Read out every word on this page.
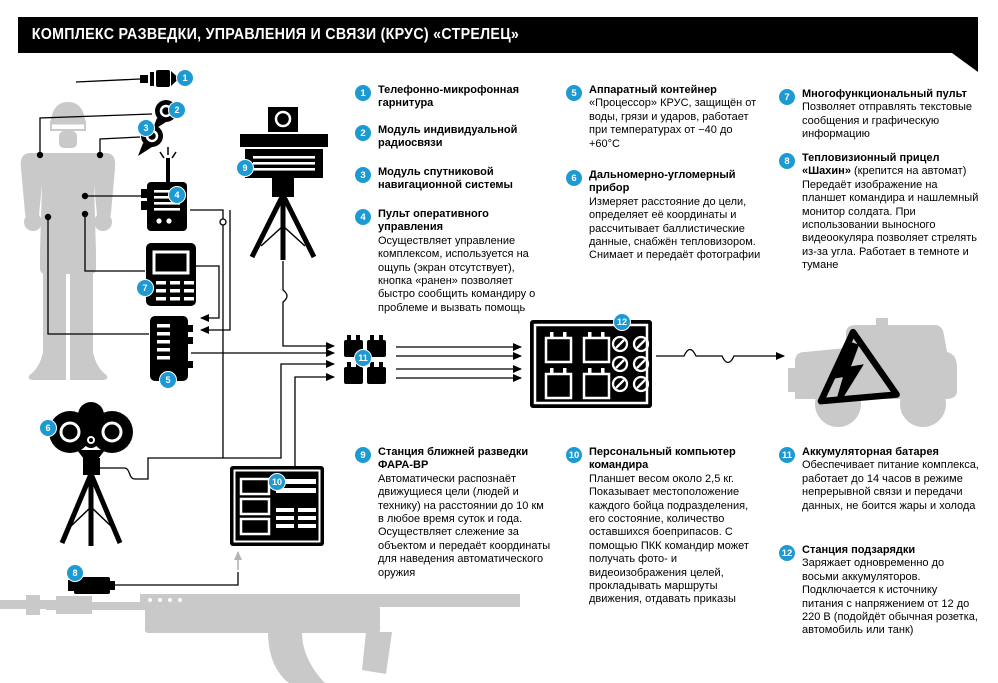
КОМПЛЕКС РАЗВЕДКИ, УПРАВЛЕНИЯ И СВЯЗИ (КРУС) «СТРЕЛЕЦ»
1
2
3
4
5
6
7
8
9
10
11
12
1	Телефонно-микрофонная гарнитура
2	Модуль индивидуальной радиосвязи
3	Модуль спутниковой навигационной системы
4	Пульт оперативного управления
Осуществляет управление комплексом, используется на ощупь (экран отсутствует), кнопка «ранен» позволяет быстро сообщить командиру о проблеме и вызвать помощь
5	Аппаратный контейнер
«Процессор» КРУС, защищён от воды, грязи и ударов, работает при температурах от −40 до +60°C
6	Дальномерно-угломерный прибор
Измеряет расстояние до цели, определяет её координаты и рассчитывает баллистические данные, снабжён тепловизором. Снимает и передаёт фотографии
7	Многофункциональный пульт
Позволяет отправлять текстовые сообщения и графическую информацию
8	Тепловизионный прицел «Шахин» (крепится на автомат)
Передаёт изображение на планшет командира и нашлемный монитор солдата. При использовании выносного видеоокуляра позволяет стрелять из-за угла. Работает в темноте и тумане
9	Станция ближней разведки ФАРА-ВР
Автоматически распознаёт движущиеся цели (людей и технику) на расстоянии до 10 км в любое время суток и года. Осуществляет слежение за объектом и передаёт координаты для наведения автоматического оружия
10 Персональный компьютер командира
Планшет весом около 2,5 кг. Показывает местоположение каждого бойца подразделения, его состояние, количество оставшихся боеприпасов. С помощью ПКК командир может получать фото- и видеоизображения целей, прокладывать маршруты движения, отдавать приказы
11 Аккумуляторная батарея
Обеспечивает питание комплекса, работает до 14 часов в режиме непрерывной связи и передачи данных, не боится жары и холода
12 Станция подзарядки
Заряжает одновременно до восьми аккумуляторов. Подключается к источнику питания с напряжением от 12 до 220 В (подойдёт обычная розетка, автомобиль или танк)
